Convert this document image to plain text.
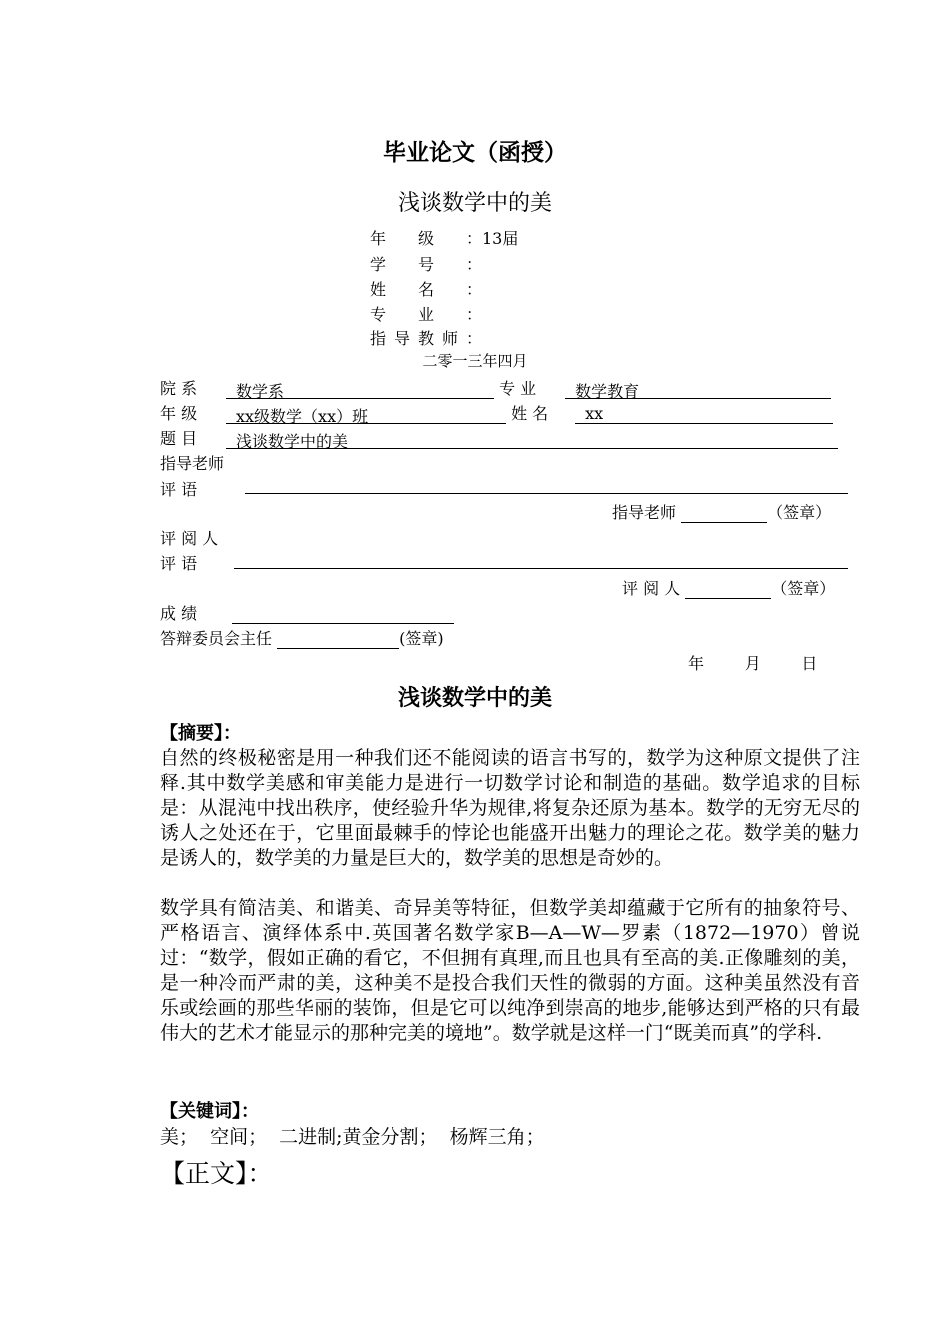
毕业论文（函授）
浅谈数学中的美
年级：13届
学号：
姓名：
专业：
指导教师：
二零一三年四月
院 系 数学系	专 业 数学教育
年 级 xx级数学（xx）班	姓 名 xx
题 目 浅谈数学中的美
指导老师
评 语
指导老师	（签章）
评 阅 人
评 语
评 阅 人	（签章）
成 绩
答辩委员会主任	(签章)
年        月        日
浅谈数学中的美
【摘要】：
自然的终极秘密是用一种我们还不能阅读的语言书写的，数学为这种原文提供了注释.其中数学美感和审美能力是进行一切数学讨论和制造的基础。数学追求的目标是：从混沌中找出秩序，使经验升华为规律,将复杂还原为基本。数学的无穷无尽的诱人之处还在于，它里面最棘手的悖论也能盛开出魅力的理论之花。数学美的魅力是诱人的，数学美的力量是巨大的，数学美的思想是奇妙的。
数学具有简洁美、和谐美、奇异美等特征，但数学美却蕴藏于它所有的抽象符号、严格语言、演绎体系中.英国著名数学家B—A—W—罗素（1872—1970）曾说过：“数学，假如正确的看它，不但拥有真理,而且也具有至高的美.正像雕刻的美，是一种冷而严肃的美，这种美不是投合我们天性的微弱的方面。这种美虽然没有音乐或绘画的那些华丽的装饰，但是它可以纯净到崇高的地步,能够达到严格的只有最伟大的艺术才能显示的那种完美的境地”。数学就是这样一门“既美而真”的学科.
【关键词】：
美；  空间；  二进制;黄金分割；  杨辉三角；
【正文】：
